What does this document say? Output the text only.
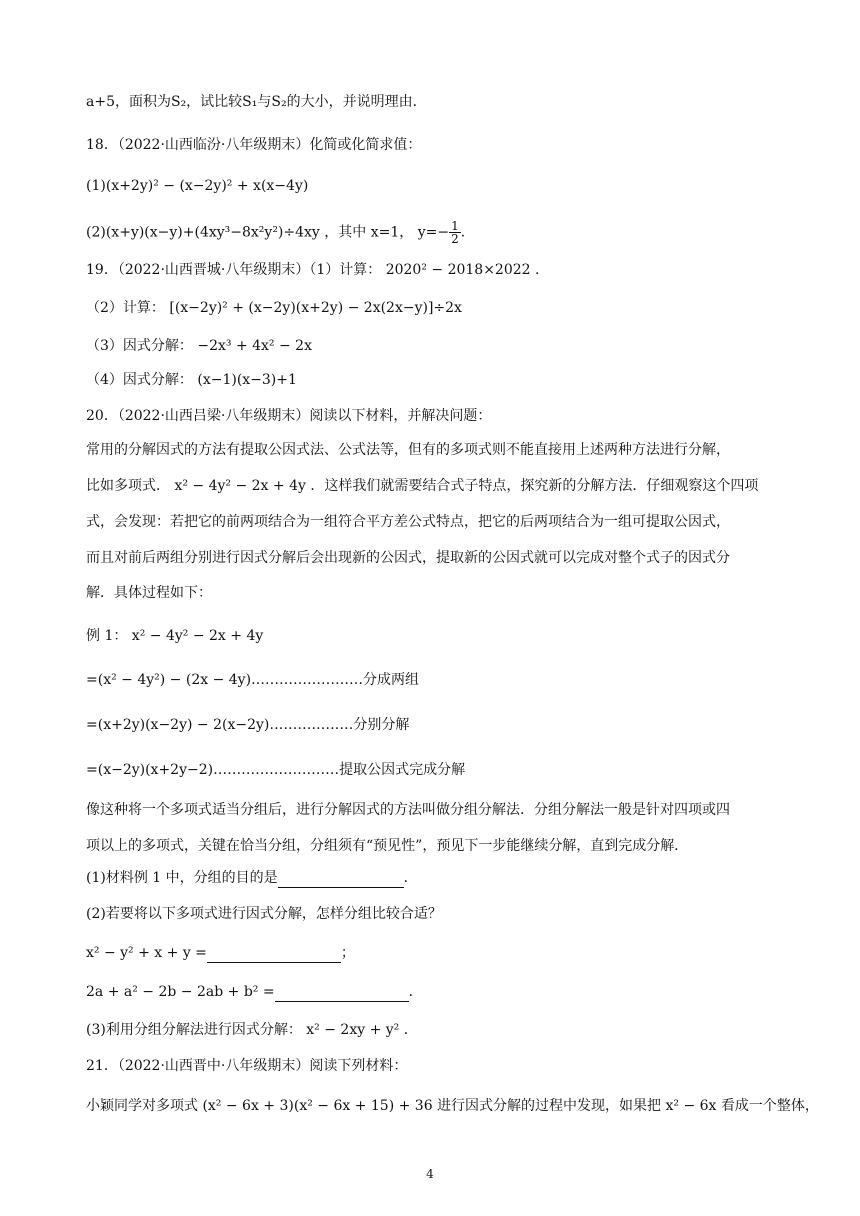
a+5，面积为S₂，试比较S₁与S₂的大小，并说明理由．
18．（2022·山西临汾·八年级期末）化简或化简求值：
(1)(x+2y)² − (x−2y)² + x(x−4y)
(2)(x+y)(x−y)+(4xy³−8x²y²)÷4xy ，其中 x=1， $y=- \frac{1}{2}$ .
19．（2022·山西晋城·八年级期末）（1）计算： 2020² − 2018×2022 .
（2）计算： [(x−2y)² + (x−2y)(x+2y) − 2x(2x−y)]÷2x
（3）因式分解： −2x³ + 4x² − 2x
（4）因式分解： (x−1)(x−3)+1
20．（2022·山西吕梁·八年级期末）阅读以下材料，并解决问题：
常用的分解因式的方法有提取公因式法、公式法等，但有的多项式则不能直接用上述两种方法进行分解，
比如多项式． x² − 4y² − 2x + 4y ．这样我们就需要结合式子特点，探究新的分解方法．仔细观察这个四项
式，会发现：若把它的前两项结合为一组符合平方差公式特点，把它的后两项结合为一组可提取公因式，
而且对前后两组分别进行因式分解后会出现新的公因式，提取新的公因式就可以完成对整个式子的因式分
解．具体过程如下：
例 1： x² − 4y² − 2x + 4y
=(x² − 4y²) − (2x − 4y)……………………分成两组
=(x+2y)(x−2y) − 2(x−2y)………………分别分解
=(x−2y)(x+2y−2)………………………提取公因式完成分解
像这种将一个多项式适当分组后，进行分解因式的方法叫做分组分解法．分组分解法一般是针对四项或四
项以上的多项式，关键在恰当分组，分组须有“预见性”，预见下一步能继续分解，直到完成分解．
(1)材料例 1 中，分组的目的是	．
(2)若要将以下多项式进行因式分解，怎样分组比较合适？
x² − y² + x + y =	；
2a + a² − 2b − 2ab + b² =	．
(3)利用分组分解法进行因式分解： x² − 2xy + y² ．
21．（2022·山西晋中·八年级期末）阅读下列材料：
小颖同学对多项式 (x² − 6x + 3)(x² − 6x + 15) + 36 进行因式分解的过程中发现，如果把 x² − 6x 看成一个整体，
4
